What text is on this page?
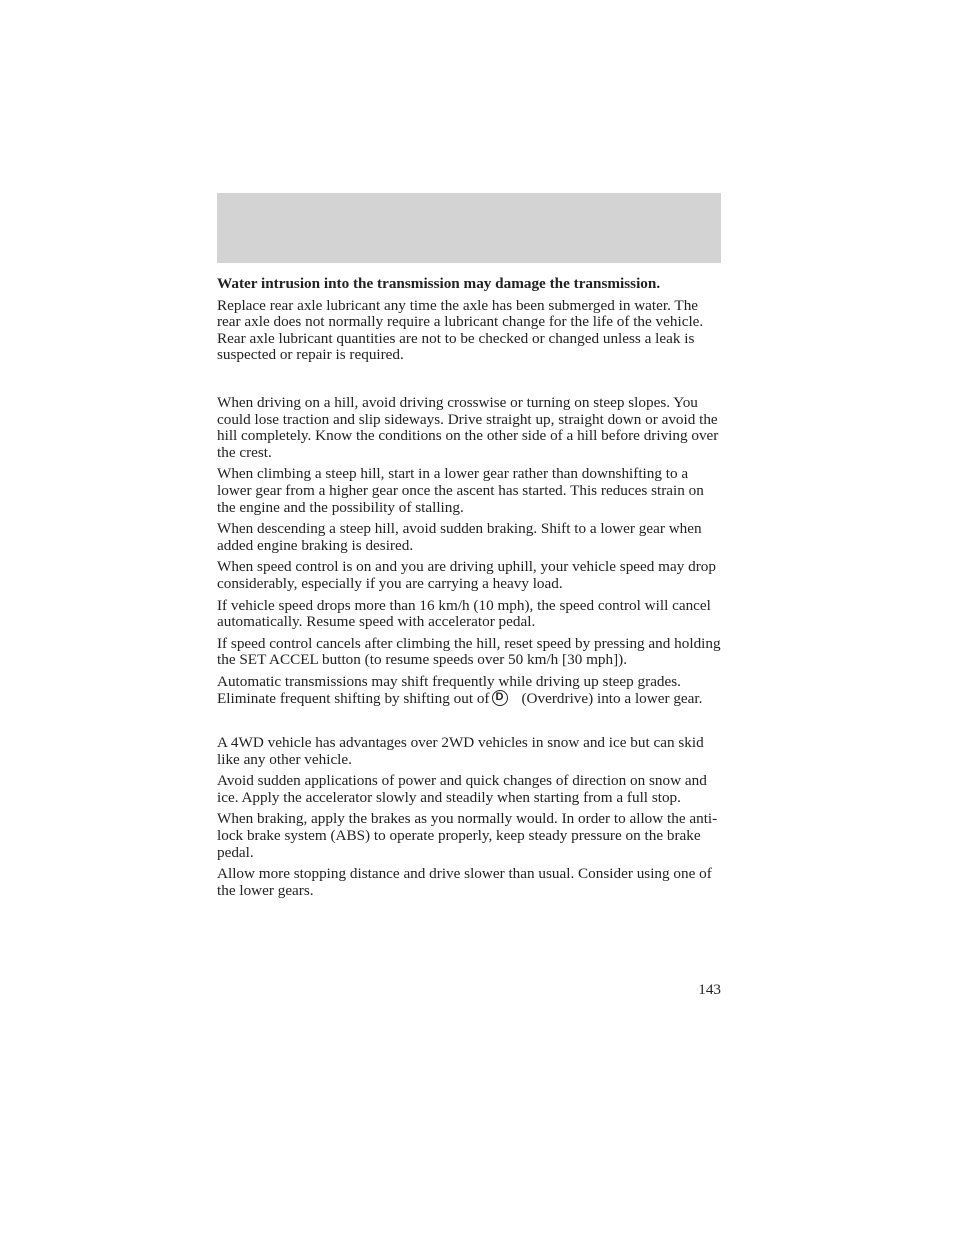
Water intrusion into the transmission may damage the transmission.

Replace rear axle lubricant any time the axle has been submerged in water. The rear axle does not normally require a lubricant change for the life of the vehicle. Rear axle lubricant quantities are not to be checked or changed unless a leak is suspected or repair is required.

When driving on a hill, avoid driving crosswise or turning on steep slopes. You could lose traction and slip sideways. Drive straight up, straight down or avoid the hill completely. Know the conditions on the other side of a hill before driving over the crest.

When climbing a steep hill, start in a lower gear rather than downshifting to a lower gear from a higher gear once the ascent has started. This reduces strain on the engine and the possibility of stalling.

When descending a steep hill, avoid sudden braking. Shift to a lower gear when added engine braking is desired.

When speed control is on and you are driving uphill, your vehicle speed may drop considerably, especially if you are carrying a heavy load.

If vehicle speed drops more than 16 km/h (10 mph), the speed control will cancel automatically. Resume speed with accelerator pedal.

If speed control cancels after climbing the hill, reset speed by pressing and holding the SET ACCEL button (to resume speeds over 50 km/h [30 mph]).

Automatic transmissions may shift frequently while driving up steep grades. Eliminate frequent shifting by shifting out of D (Overdrive) into a lower gear.

A 4WD vehicle has advantages over 2WD vehicles in snow and ice but can skid like any other vehicle.

Avoid sudden applications of power and quick changes of direction on snow and ice. Apply the accelerator slowly and steadily when starting from a full stop.

When braking, apply the brakes as you normally would. In order to allow the anti-lock brake system (ABS) to operate properly, keep steady pressure on the brake pedal.

Allow more stopping distance and drive slower than usual. Consider using one of the lower gears.

143
